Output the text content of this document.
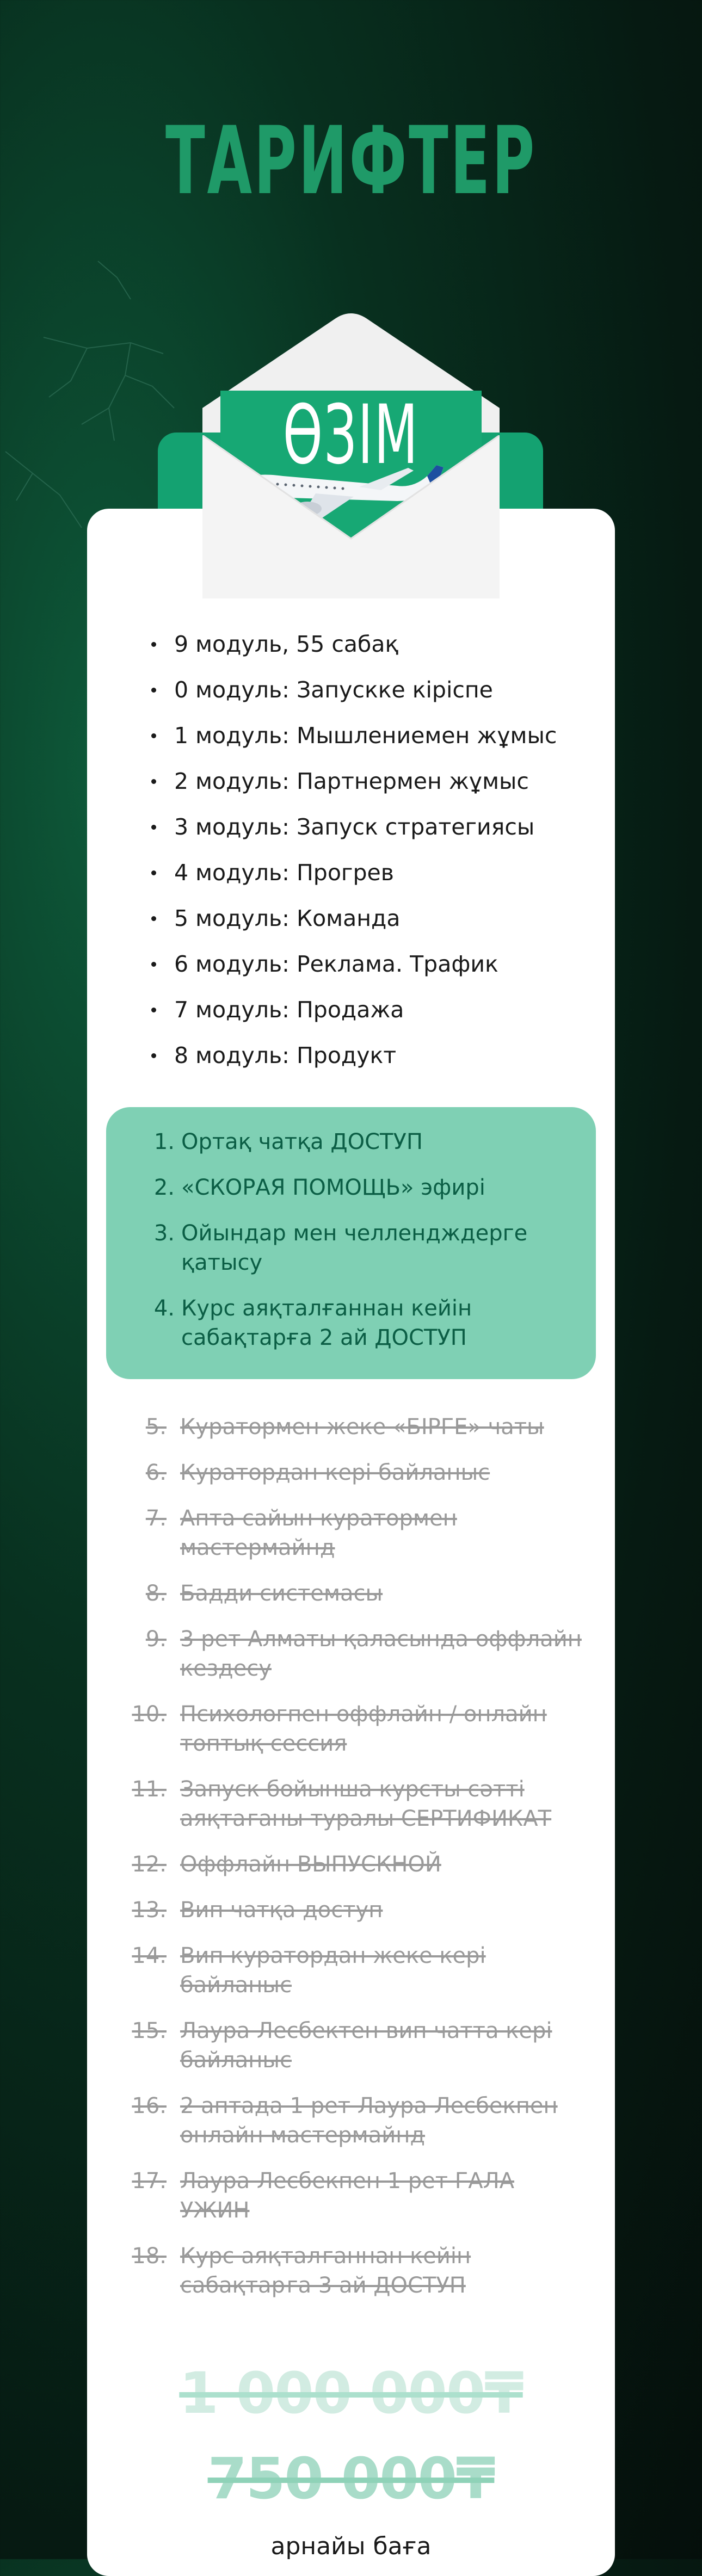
ТАРИФТЕР
ӨЗІМ
9 модуль, 55 сабақ
0 модуль: Запускке кіріспе
1 модуль: Мышлениемен жұмыс
2 модуль: Партнермен жұмыс
3 модуль: Запуск стратегиясы
4 модуль: Прогрев
5 модуль: Команда
6 модуль: Реклама. Трафик
7 модуль: Продажа
8 модуль: Продукт
1. Ортақ чатқа ДОСТУП
2. «СКОРАЯ ПОМОЩЬ» эфирі
3. Ойындар мен челлендждерге қатысу
4. Курс аяқталғаннан кейін сабақтарға 2 ай ДОСТУП
5. Куратормен жеке «БІРГЕ» чаты
6. Куратордан кері байланыс
7. Апта сайын куратормен мастермайнд
8. Бадди системасы
9. 3 рет Алматы қаласында оффлайн кездесу
10. Психологпен оффлайн / онлайн топтық сессия
11. Запуск бойынша курсты сәтті аяқтағаны туралы СЕРТИФИКАТ
12. Оффлайн ВЫПУСКНОЙ
13. Вип чатқа доступ
14. Вип куратордан жеке кері байланыс
15. Лаура Лесбектен вип чатта кері байланыс
16. 2 аптада 1 рет Лаура Лесбекпен онлайн мастермайнд
17. Лаура Лесбекпен 1 рет ГАЛА УЖИН
18. Курс аяқталғаннан кейін сабақтарға 3 ай ДОСТУП
1 000 000₸
750 000₸
арнайы баға
